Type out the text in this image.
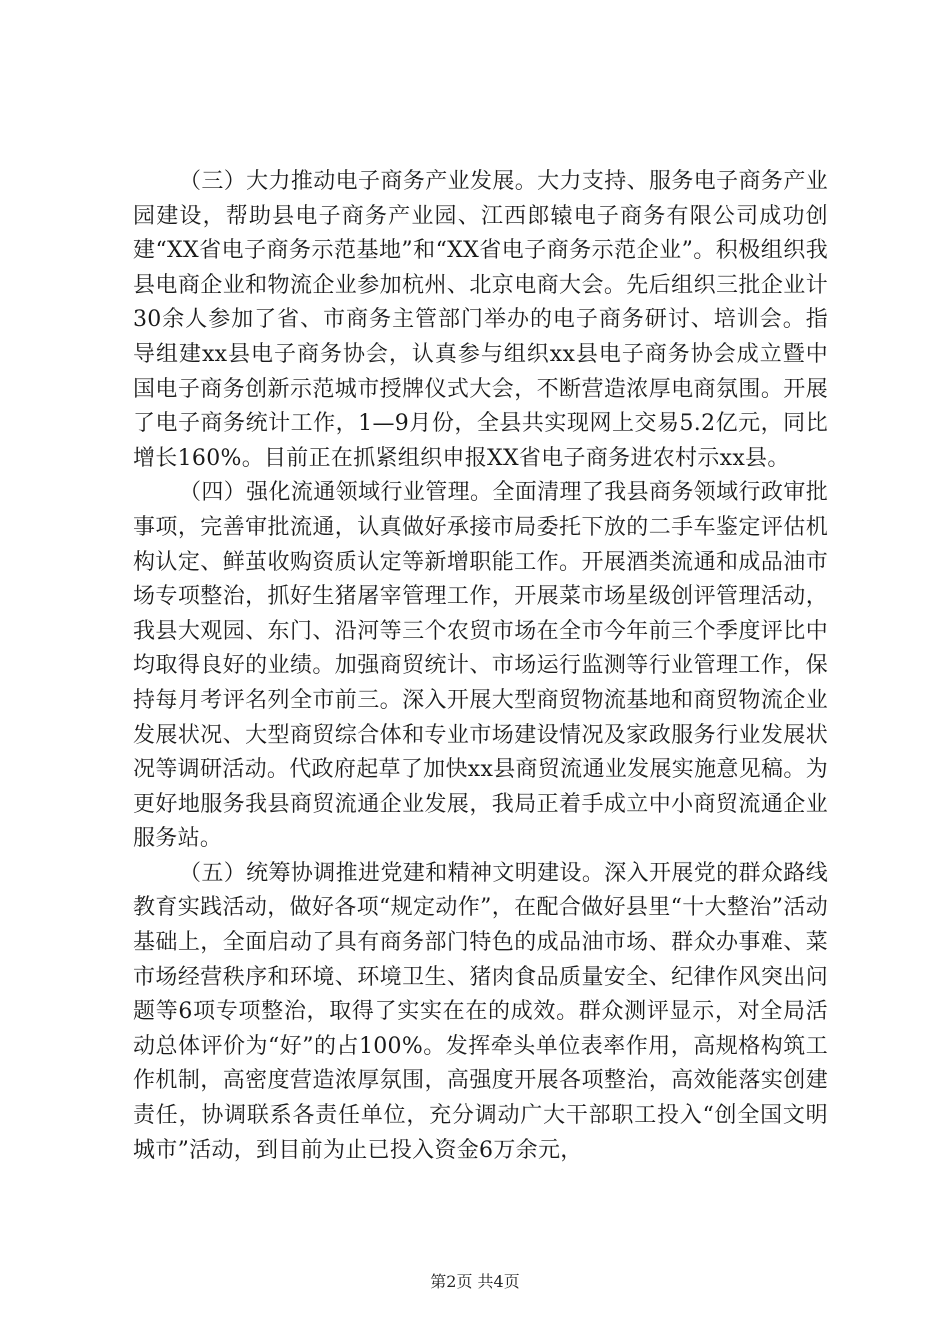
（三）大力推动电子商务产业发展。大力支持、服务电子商务产业园建设，帮助县电子商务产业园、江西郎辕电子商务有限公司成功创建“XX省电子商务示范基地”和“XX省电子商务示范企业”。积极组织我县电商企业和物流企业参加杭州、北京电商大会。先后组织三批企业计30余人参加了省、市商务主管部门举办的电子商务研讨、培训会。指导组建xx县电子商务协会，认真参与组织xx县电子商务协会成立暨中国电子商务创新示范城市授牌仪式大会，不断营造浓厚电商氛围。开展了电子商务统计工作，1—9月份，全县共实现网上交易5.2亿元，同比增长160%。目前正在抓紧组织申报XX省电子商务进农村示xx县。

（四）强化流通领域行业管理。全面清理了我县商务领域行政审批事项，完善审批流通，认真做好承接市局委托下放的二手车鉴定评估机构认定、鲜茧收购资质认定等新增职能工作。开展酒类流通和成品油市场专项整治，抓好生猪屠宰管理工作，开展菜市场星级创评管理活动，我县大观园、东门、沿河等三个农贸市场在全市今年前三个季度评比中均取得良好的业绩。加强商贸统计、市场运行监测等行业管理工作，保持每月考评名列全市前三。深入开展大型商贸物流基地和商贸物流企业发展状况、大型商贸综合体和专业市场建设情况及家政服务行业发展状况等调研活动。代政府起草了加快xx县商贸流通业发展实施意见稿。为更好地服务我县商贸流通企业发展，我局正着手成立中小商贸流通企业服务站。

（五）统筹协调推进党建和精神文明建设。深入开展党的群众路线教育实践活动，做好各项“规定动作”，在配合做好县里“十大整治”活动基础上，全面启动了具有商务部门特色的成品油市场、群众办事难、菜市场经营秩序和环境、环境卫生、猪肉食品质量安全、纪律作风突出问题等6项专项整治，取得了实实在在的成效。群众测评显示，对全局活动总体评价为“好”的占100%。发挥牵头单位表率作用，高规格构筑工作机制，高密度营造浓厚氛围，高强度开展各项整治，高效能落实创建责任，协调联系各责任单位，充分调动广大干部职工投入“创全国文明城市”活动，到目前为止已投入资金6万余元，

第2页 共4页
